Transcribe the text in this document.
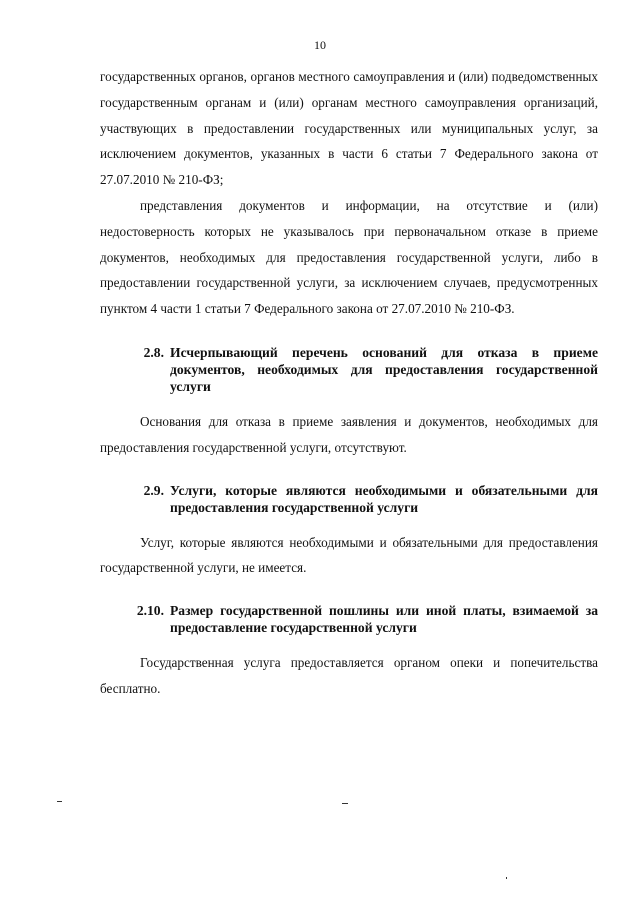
10

государственных органов, органов местного самоуправления и (или) подведомственных государственным органам и (или) органам местного самоуправления организаций, участвующих в предоставлении государственных или муниципальных услуг, за исключением документов, указанных в части 6 статьи 7 Федерального закона от 27.07.2010 № 210-ФЗ;

представления документов и информации, на отсутствие и (или) недостоверность которых не указывалось при первоначальном отказе в приеме документов, необходимых для предоставления государственной услуги, либо в предоставлении государственной услуги, за исключением случаев, предусмотренных пунктом 4 части 1 статьи 7 Федерального закона от 27.07.2010 № 210-ФЗ.

2.8. Исчерпывающий перечень оснований для отказа в приеме документов, необходимых для предоставления государственной услуги

Основания для отказа в приеме заявления и документов, необходимых для предоставления государственной услуги, отсутствуют.

2.9. Услуги, которые являются необходимыми и обязательными для предоставления государственной услуги

Услуг, которые являются необходимыми и обязательными для предоставления государственной услуги, не имеется.

2.10. Размер государственной пошлины или иной платы, взимаемой за предоставление государственной услуги

Государственная услуга предоставляется органом опеки и попечительства бесплатно.
